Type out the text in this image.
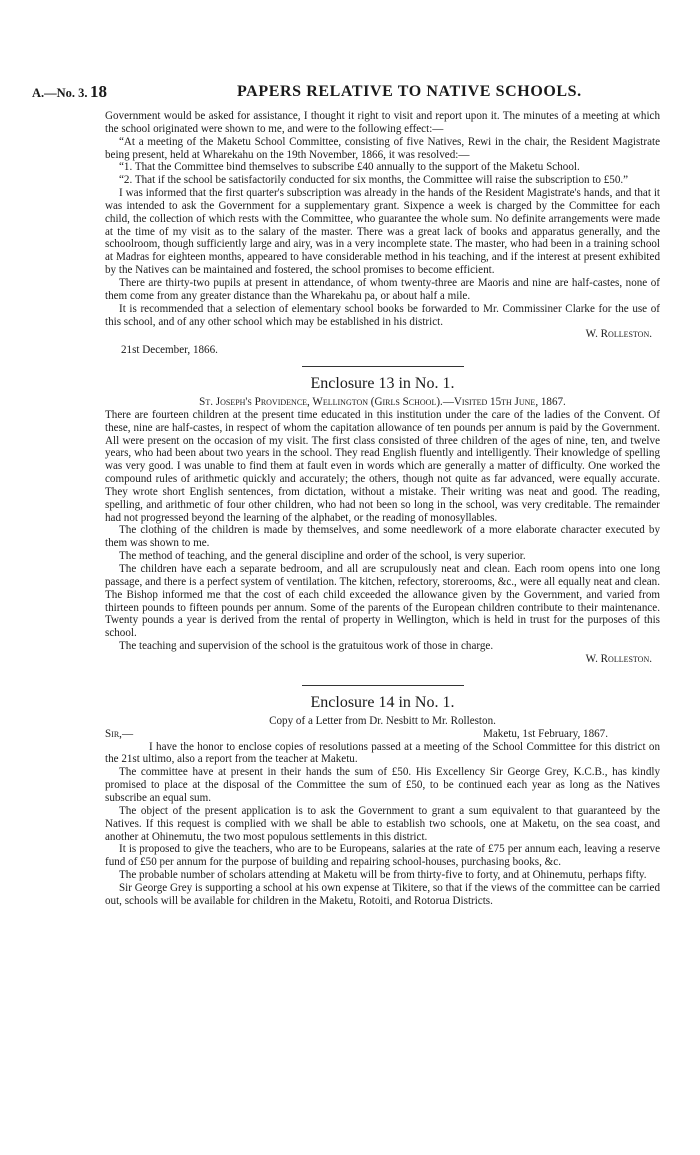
A.—No. 3. 18	PAPERS RELATIVE TO NATIVE SCHOOLS.

Government would be asked for assistance, I thought it right to visit and report upon it. The minutes of a meeting at which the school originated were shown to me, and were to the following effect:—

“At a meeting of the Maketu School Committee, consisting of five Natives, Rewi in the chair, the Resident Magistrate being present, held at Wharekahu on the 19th November, 1866, it was resolved:—

“1. That the Committee bind themselves to subscribe £40 annually to the support of the Maketu School.

“2. That if the school be satisfactorily conducted for six months, the Committee will raise the subscription to £50.”

I was informed that the first quarter's subscription was already in the hands of the Resident Magistrate's hands, and that it was intended to ask the Government for a supplementary grant. Sixpence a week is charged by the Committee for each child, the collection of which rests with the Committee, who guarantee the whole sum. No definite arrangements were made at the time of my visit as to the salary of the master. There was a great lack of books and apparatus generally, and the schoolroom, though sufficiently large and airy, was in a very incomplete state. The master, who had been in a training school at Madras for eighteen months, appeared to have considerable method in his teaching, and if the interest at present exhibited by the Natives can be maintained and fostered, the school promises to become efficient.

There are thirty-two pupils at present in attendance, of whom twenty-three are Maoris and nine are half-castes, none of them come from any greater distance than the Wharekahu pa, or about half a mile.

It is recommended that a selection of elementary school books be forwarded to Mr. Commissiner Clarke for the use of this school, and of any other school which may be established in his district.

W. Rolleston.

21st December, 1866.

Enclosure 13 in No. 1.

St. Joseph's Providence, Wellington (Girls School).—Visited 15th June, 1867.

There are fourteen children at the present time educated in this institution under the care of the ladies of the Convent. Of these, nine are half-castes, in respect of whom the capitation allowance of ten pounds per annum is paid by the Government. All were present on the occasion of my visit. The first class consisted of three children of the ages of nine, ten, and twelve years, who had been about two years in the school. They read English fluently and intelligently. Their knowledge of spelling was very good. I was unable to find them at fault even in words which are generally a matter of difficulty. One worked the compound rules of arithmetic quickly and accurately; the others, though not quite as far advanced, were equally accurate. They wrote short English sentences, from dictation, without a mistake. Their writing was neat and good. The reading, spelling, and arithmetic of four other children, who had not been so long in the school, was very creditable. The remainder had not progressed beyond the learning of the alphabet, or the reading of monosyllables.

The clothing of the children is made by themselves, and some needlework of a more elaborate character executed by them was shown to me.

The method of teaching, and the general discipline and order of the school, is very superior.

The children have each a separate bedroom, and all are scrupulously neat and clean. Each room opens into one long passage, and there is a perfect system of ventilation. The kitchen, refectory, storerooms, &c., were all equally neat and clean. The Bishop informed me that the cost of each child exceeded the allowance given by the Government, and varied from thirteen pounds to fifteen pounds per annum. Some of the parents of the European children contribute to their maintenance. Twenty pounds a year is derived from the rental of property in Wellington, which is held in trust for the purposes of this school.

The teaching and supervision of the school is the gratuitous work of those in charge.

W. Rolleston.

Enclosure 14 in No. 1.

Copy of a Letter from Dr. Nesbitt to Mr. Rolleston.

Sir,—	Maketu, 1st February, 1867.

I have the honor to enclose copies of resolutions passed at a meeting of the School Committee for this district on the 21st ultimo, also a report from the teacher at Maketu.

The committee have at present in their hands the sum of £50. His Excellency Sir George Grey, K.C.B., has kindly promised to place at the disposal of the Committee the sum of £50, to be continued each year as long as the Natives subscribe an equal sum.

The object of the present application is to ask the Government to grant a sum equivalent to that guaranteed by the Natives. If this request is complied with we shall be able to establish two schools, one at Maketu, on the sea coast, and another at Ohinemutu, the two most populous settlements in this district.

It is proposed to give the teachers, who are to be Europeans, salaries at the rate of £75 per annum each, leaving a reserve fund of £50 per annum for the purpose of building and repairing school-houses, purchasing books, &c.

The probable number of scholars attending at Maketu will be from thirty-five to forty, and at Ohinemutu, perhaps fifty.

Sir George Grey is supporting a school at his own expense at Tikitere, so that if the views of the committee can be carried out, schools will be available for children in the Maketu, Rotoiti, and Rotorua Districts.
